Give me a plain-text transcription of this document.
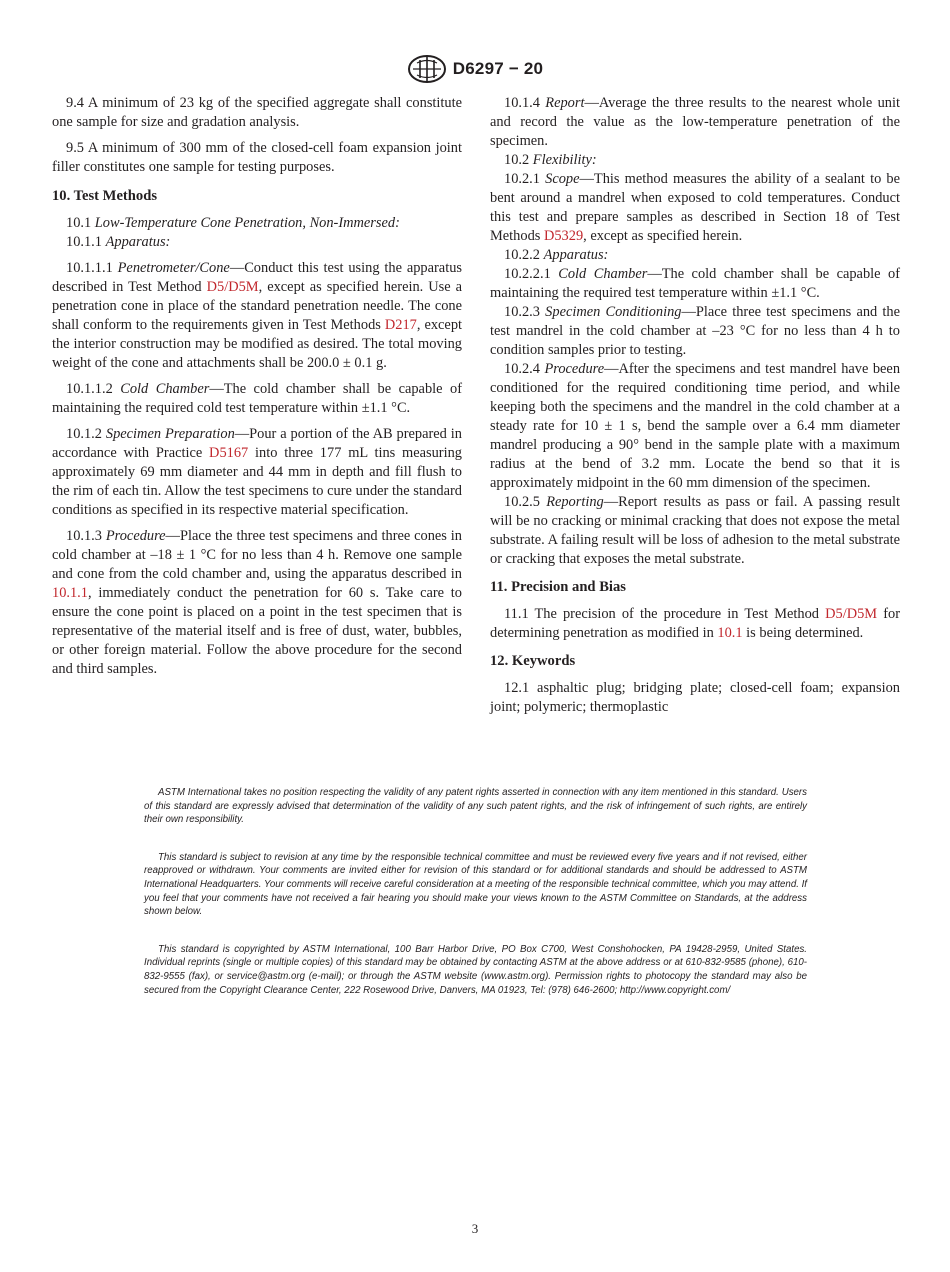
D6297 − 20

9.4 A minimum of 23 kg of the specified aggregate shall constitute one sample for size and gradation analysis.

9.5 A minimum of 300 mm of the closed-cell foam expansion joint filler constitutes one sample for testing purposes.

10. Test Methods

10.1 Low-Temperature Cone Penetration, Non-Immersed:

10.1.1 Apparatus:

10.1.1.1 Penetrometer/Cone—Conduct this test using the apparatus described in Test Method D5/D5M, except as specified herein. Use a penetration cone in place of the standard penetration needle. The cone shall conform to the requirements given in Test Methods D217, except the interior construction may be modified as desired. The total moving weight of the cone and attachments shall be 200.0 ± 0.1 g.

10.1.1.2 Cold Chamber—The cold chamber shall be capable of maintaining the required cold test temperature within ±1.1 °C.

10.1.2 Specimen Preparation—Pour a portion of the AB prepared in accordance with Practice D5167 into three 177 mL tins measuring approximately 69 mm diameter and 44 mm in depth and fill flush to the rim of each tin. Allow the test specimens to cure under the standard conditions as specified in its respective material specification.

10.1.3 Procedure—Place the three test specimens and three cones in cold chamber at –18 ± 1 °C for no less than 4 h. Remove one sample and cone from the cold chamber and, using the apparatus described in 10.1.1, immediately conduct the penetration for 60 s. Take care to ensure the cone point is placed on a point in the test specimen that is representative of the material itself and is free of dust, water, bubbles, or other foreign material. Follow the above procedure for the second and third samples.

10.1.4 Report—Average the three results to the nearest whole unit and record the value as the low-temperature penetration of the specimen.

10.2 Flexibility:

10.2.1 Scope—This method measures the ability of a sealant to be bent around a mandrel when exposed to cold temperatures. Conduct this test and prepare samples as described in Section 18 of Test Methods D5329, except as specified herein.

10.2.2 Apparatus:

10.2.2.1 Cold Chamber—The cold chamber shall be capable of maintaining the required test temperature within ±1.1 °C.

10.2.3 Specimen Conditioning—Place three test specimens and the test mandrel in the cold chamber at –23 °C for no less than 4 h to condition samples prior to testing.

10.2.4 Procedure—After the specimens and test mandrel have been conditioned for the required conditioning time period, and while keeping both the specimens and the mandrel in the cold chamber at a steady rate for 10 ± 1 s, bend the sample over a 6.4 mm diameter mandrel producing a 90° bend in the sample plate with a maximum radius at the bend of 3.2 mm. Locate the bend so that it is approximately midpoint in the 60 mm dimension of the specimen.

10.2.5 Reporting—Report results as pass or fail. A passing result will be no cracking or minimal cracking that does not expose the metal substrate. A failing result will be loss of adhesion to the metal substrate or cracking that exposes the metal substrate.

11. Precision and Bias

11.1 The precision of the procedure in Test Method D5/D5M for determining penetration as modified in 10.1 is being determined.

12. Keywords

12.1 asphaltic plug; bridging plate; closed-cell foam; expansion joint; polymeric; thermoplastic

ASTM International takes no position respecting the validity of any patent rights asserted in connection with any item mentioned in this standard. Users of this standard are expressly advised that determination of the validity of any such patent rights, and the risk of infringement of such rights, are entirely their own responsibility.

This standard is subject to revision at any time by the responsible technical committee and must be reviewed every five years and if not revised, either reapproved or withdrawn. Your comments are invited either for revision of this standard or for additional standards and should be addressed to ASTM International Headquarters. Your comments will receive careful consideration at a meeting of the responsible technical committee, which you may attend. If you feel that your comments have not received a fair hearing you should make your views known to the ASTM Committee on Standards, at the address shown below.

This standard is copyrighted by ASTM International, 100 Barr Harbor Drive, PO Box C700, West Conshohocken, PA 19428-2959, United States. Individual reprints (single or multiple copies) of this standard may be obtained by contacting ASTM at the above address or at 610-832-9585 (phone), 610-832-9555 (fax), or service@astm.org (e-mail); or through the ASTM website (www.astm.org). Permission rights to photocopy the standard may also be secured from the Copyright Clearance Center, 222 Rosewood Drive, Danvers, MA 01923, Tel: (978) 646-2600; http://www.copyright.com/

3
